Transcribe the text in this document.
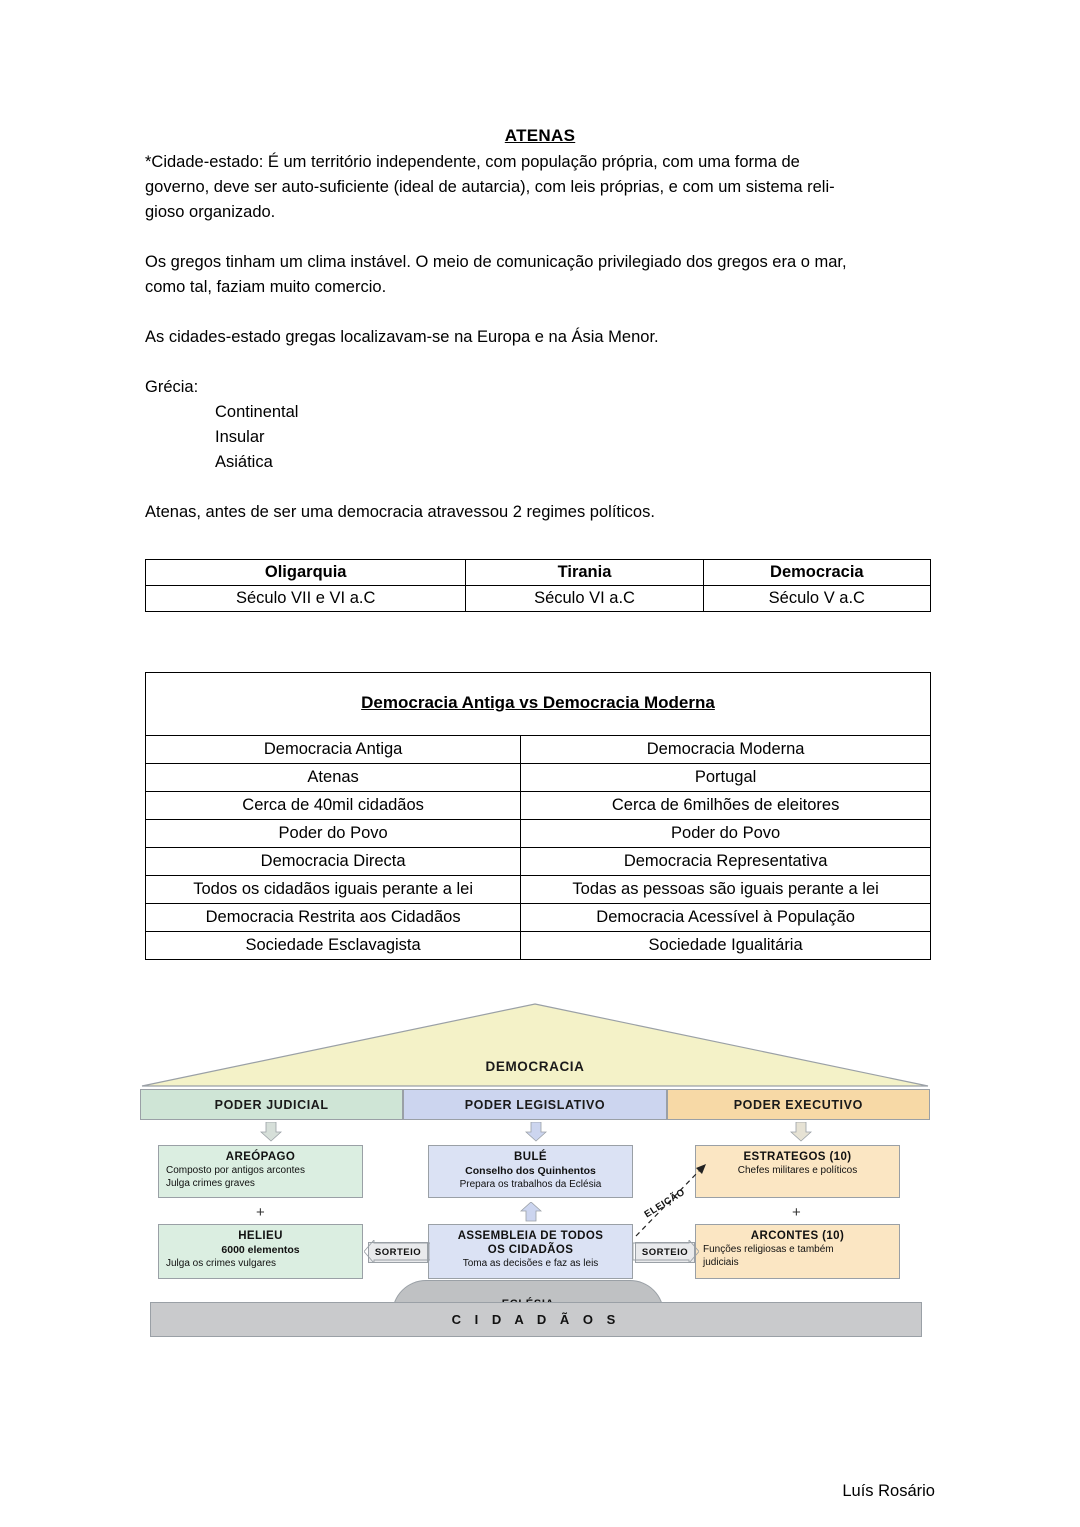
ATENAS

*Cidade-estado: É um território independente, com população própria, com uma forma de
governo, deve ser auto-suficiente (ideal de autarcia), com leis próprias, e com um sistema reli-
gioso organizado.

Os gregos tinham um clima instável. O meio de comunicação privilegiado dos gregos era o mar,
como tal, faziam muito comercio.

As cidades-estado gregas localizavam-se na Europa e na Ásia Menor.

Grécia:

Continental
Insular
Asiática

Atenas, antes de ser uma democracia atravessou 2 regimes políticos.

Oligarquia	Tirania	Democracia
Século VII e VI a.C	Século VI a.C	Século V a.C
Democracia Antiga vs Democracia Moderna	
Democracia Antiga	Democracia Moderna
Atenas	Portugal
Cerca de 40mil cidadãos	Cerca de 6milhões de eleitores
Poder do Povo	Poder do Povo
Democracia Directa	Democracia Representativa
Todos os cidadãos iguais perante a lei	Todas as pessoas são iguais perante a lei
Democracia Restrita aos Cidadãos	Democracia Acessível à População
Sociedade Esclavagista	Sociedade Igualitária
DEMOCRACIA
PODER JUDICIAL	PODER LEGISLATIVO	PODER EXECUTIVO
AREÓPAGO
Composto por antigos arcontes
Julga crimes graves
+
HELIEU
6000 elementos
Julga os crimes vulgares
BULÉ
Conselho dos Quinhentos
Prepara os trabalhos da Eclésia
ASSEMBLEIA DE TODOS
OS CIDADÃOS
Toma as decisões e faz as leis
ESTRATEGOS (10)
Chefes militares e políticos
+
ARCONTES (10)
Funções religiosas e também
judiciais
SORTEIO	SORTEIO
ELEIÇÃO
C I D A D Ã O S
Luís Rosário
